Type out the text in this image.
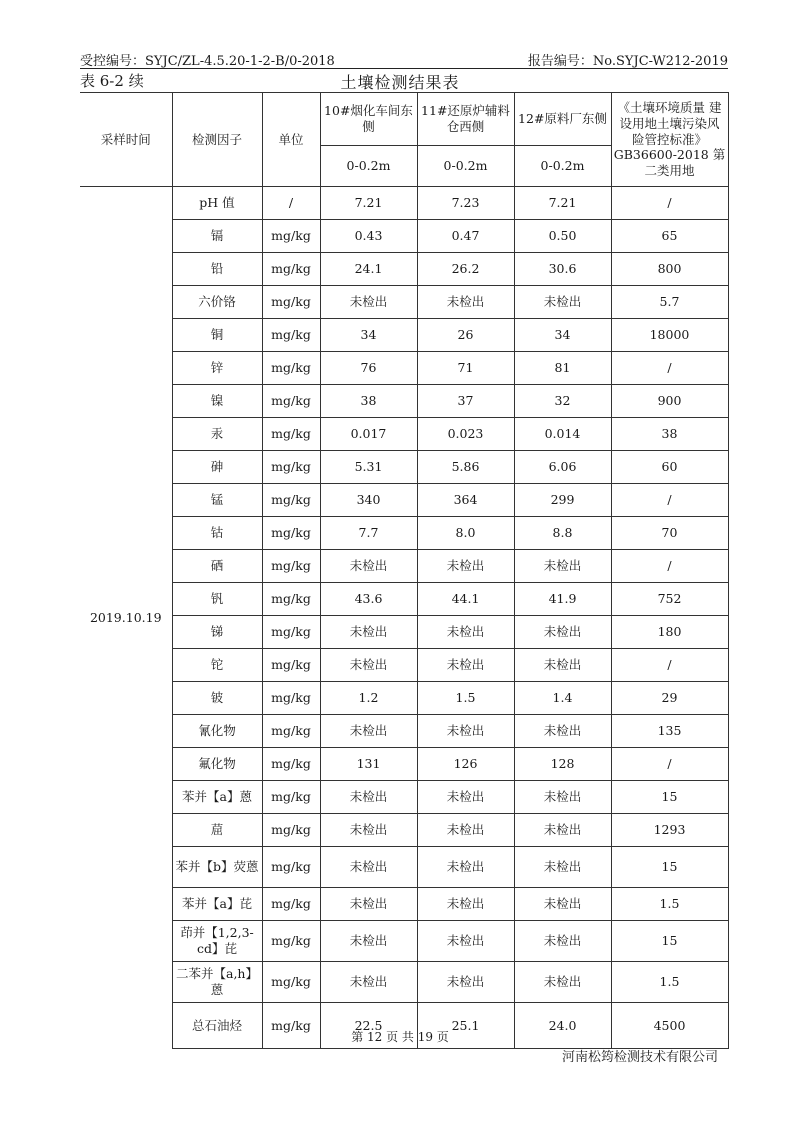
受控编号：SYJC/ZL-4.5.20-1-2-B/0-2018	报告编号：No.SYJC-W212-2019
土壤检测结果表
表 6-2 续
采样时间	检测因子	单位	10#烟化车间东侧	11#还原炉辅料仓西侧	12#原料厂东侧	《土壤环境质量 建设用地土壤污染风险管控标准》GB36600-2018 第二类用地
			0-0.2m	0-0.2m	0-0.2m	
2019.10.19	pH 值	/	7.21	7.23	7.21	/
	镉	mg/kg	0.43	0.47	0.50	65
	铅	mg/kg	24.1	26.2	30.6	800
	六价铬	mg/kg	未检出	未检出	未检出	5.7
	铜	mg/kg	34	26	34	18000
	锌	mg/kg	76	71	81	/
	镍	mg/kg	38	37	32	900
	汞	mg/kg	0.017	0.023	0.014	38
	砷	mg/kg	5.31	5.86	6.06	60
	锰	mg/kg	340	364	299	/
	钴	mg/kg	7.7	8.0	8.8	70
	硒	mg/kg	未检出	未检出	未检出	/
	钒	mg/kg	43.6	44.1	41.9	752
	锑	mg/kg	未检出	未检出	未检出	180
	铊	mg/kg	未检出	未检出	未检出	/
	铍	mg/kg	1.2	1.5	1.4	29
	氰化物	mg/kg	未检出	未检出	未检出	135
	氟化物	mg/kg	131	126	128	/
	苯并【a】蒽	mg/kg	未检出	未检出	未检出	15
	䓛	mg/kg	未检出	未检出	未检出	1293
	苯并【b】荧蒽	mg/kg	未检出	未检出	未检出	15
	苯并【a】芘	mg/kg	未检出	未检出	未检出	1.5
	茚并【1,2,3-cd】芘	mg/kg	未检出	未检出	未检出	15
	二苯并【a,h】蒽	mg/kg	未检出	未检出	未检出	1.5
	总石油烃	mg/kg	22.5	25.1	24.0	4500
第 12 页 共 19 页
河南松筠检测技术有限公司
